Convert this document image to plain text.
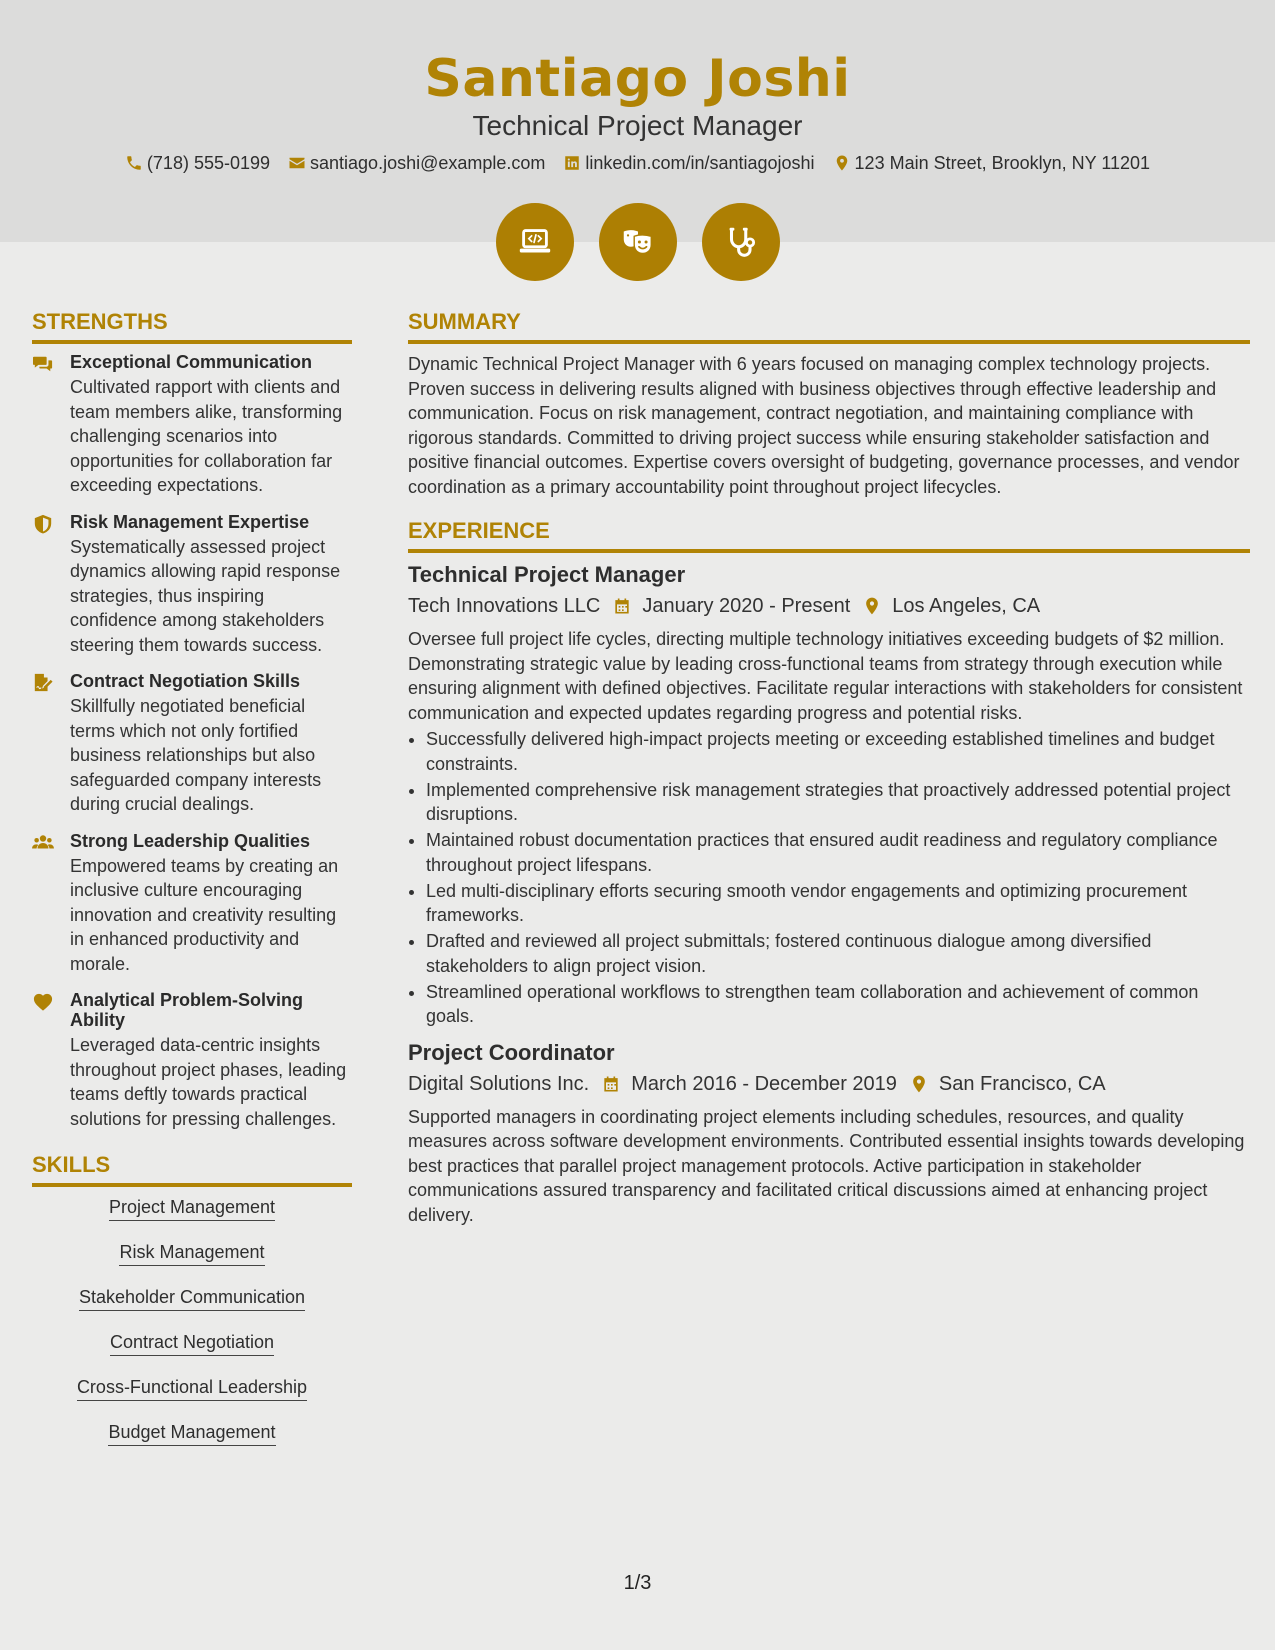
Santiago Joshi
Technical Project Manager
(718) 555-0199 santiago.joshi@example.com linkedin.com/in/santiagojoshi 123 Main Street, Brooklyn, NY 11201
STRENGTHS
Exceptional Communication
Cultivated rapport with clients and team members alike, transforming challenging scenarios into opportunities for collaboration far exceeding expectations.
Risk Management Expertise
Systematically assessed project dynamics allowing rapid response strategies, thus inspiring confidence among stakeholders steering them towards success.
Contract Negotiation Skills
Skillfully negotiated beneficial terms which not only fortified business relationships but also safeguarded company interests during crucial dealings.
Strong Leadership Qualities
Empowered teams by creating an inclusive culture encouraging innovation and creativity resulting in enhanced productivity and morale.
Analytical Problem-Solving Ability
Leveraged data-centric insights throughout project phases, leading teams deftly towards practical solutions for pressing challenges.
SKILLS
Project Management
Risk Management
Stakeholder Communication
Contract Negotiation
Cross-Functional Leadership
Budget Management
SUMMARY
Dynamic Technical Project Manager with 6 years focused on managing complex technology projects. Proven success in delivering results aligned with business objectives through effective leadership and communication. Focus on risk management, contract negotiation, and maintaining compliance with rigorous standards. Committed to driving project success while ensuring stakeholder satisfaction and positive financial outcomes. Expertise covers oversight of budgeting, governance processes, and vendor coordination as a primary accountability point throughout project lifecycles.
EXPERIENCE
Technical Project Manager
Tech Innovations LLC January 2020 - Present Los Angeles, CA
Oversee full project life cycles, directing multiple technology initiatives exceeding budgets of $2 million. Demonstrating strategic value by leading cross-functional teams from strategy through execution while ensuring alignment with defined objectives. Facilitate regular interactions with stakeholders for consistent communication and expected updates regarding progress and potential risks.
• Successfully delivered high-impact projects meeting or exceeding established timelines and budget constraints.
• Implemented comprehensive risk management strategies that proactively addressed potential project disruptions.
• Maintained robust documentation practices that ensured audit readiness and regulatory compliance throughout project lifespans.
• Led multi-disciplinary efforts securing smooth vendor engagements and optimizing procurement frameworks.
• Drafted and reviewed all project submittals; fostered continuous dialogue among diversified stakeholders to align project vision.
• Streamlined operational workflows to strengthen team collaboration and achievement of common goals.
Project Coordinator
Digital Solutions Inc. March 2016 - December 2019 San Francisco, CA
Supported managers in coordinating project elements including schedules, resources, and quality measures across software development environments. Contributed essential insights towards developing best practices that parallel project management protocols. Active participation in stakeholder communications assured transparency and facilitated critical discussions aimed at enhancing project delivery.
1/3
